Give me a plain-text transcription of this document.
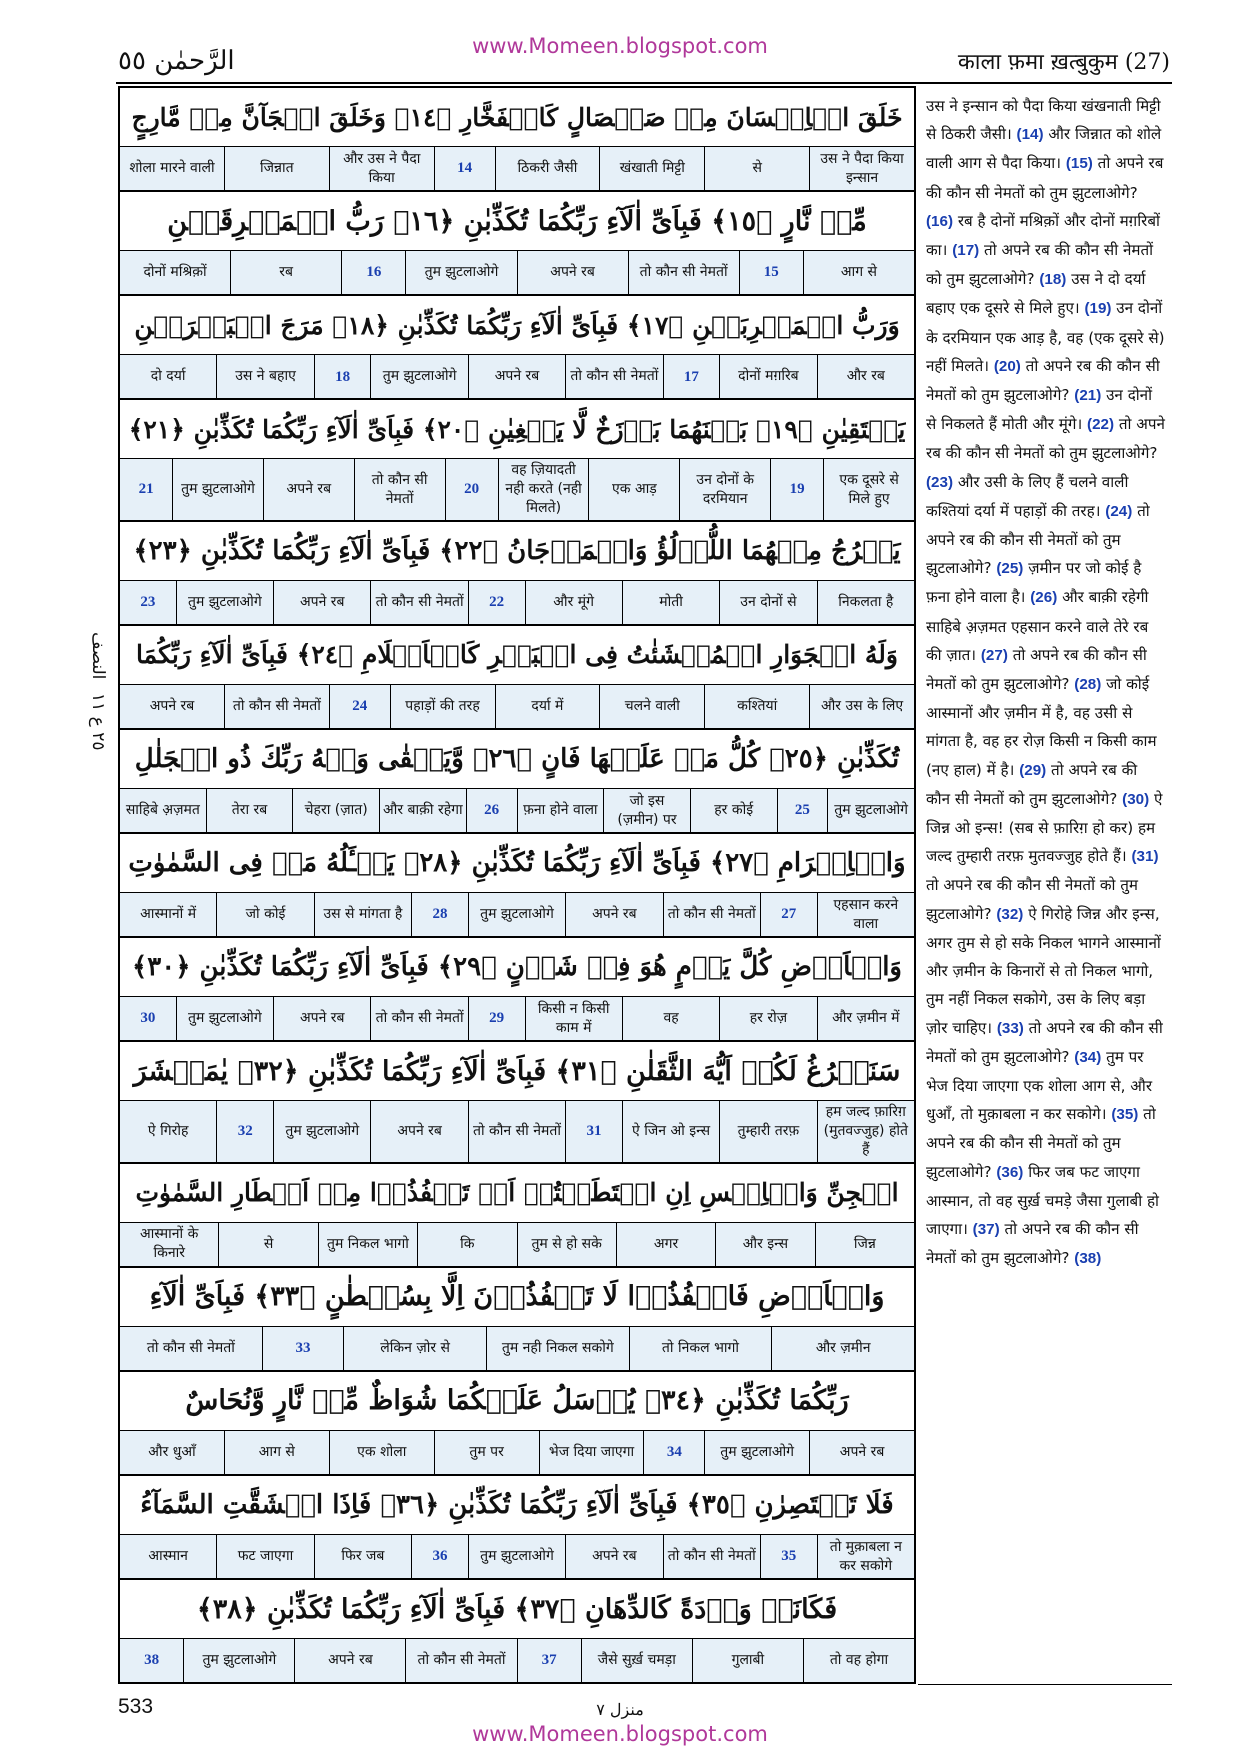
www.Momeen.blogspot.com
الرَّحمٰن ٥٥	काला फ़मा ख़त्बुकुम (27)
النصف
٢٥ ع ١١
خَلَقَ الۡاِنۡسَانَ مِنۡ صَلۡصَالٍ كَالۡفَخَّارِ ﴿١٤﴾ وَخَلَقَ الۡجَآنَّ مِنۡ مَّارِجٍ
उस ने पैदा किया इन्सान
से
खंखाती मिट्टी
ठिकरी जैसी
14
और उस ने पैदा किया
जिन्नात
शोला मारने वाली
مِّنۡ نَّارٍ ﴿١٥﴾ فَبِاَىِّ اٰلَآءِ رَبِّكُمَا تُكَذِّبٰنِ ﴿١٦﴾ رَبُّ الۡمَشۡرِقَيۡنِ
आग से
15
तो कौन सी नेमतों
अपने रब
तुम झुटलाओगे
16
रब
दोनों मश्रिक़ों
وَرَبُّ الۡمَغۡرِبَيۡنِ ﴿١٧﴾ فَبِاَىِّ اٰلَآءِ رَبِّكُمَا تُكَذِّبٰنِ ﴿١٨﴾ مَرَجَ الۡبَحۡرَيۡنِ
और रब
दोनों मग़रिब
17
तो कौन सी नेमतों
अपने रब
तुम झुटलाओगे
18
उस ने बहाए
दो दर्या
يَلۡتَقِيٰنِ ﴿١٩﴾ بَيۡنَهُمَا بَرۡزَخٌ لَّا يَبۡغِيٰنِ ﴿٢٠﴾ فَبِاَىِّ اٰلَآءِ رَبِّكُمَا تُكَذِّبٰنِ ﴿٢١﴾
एक दूसरे से मिले हुए
19
उन दोनों के दरमियान
एक आड़
वह ज़ियादती नही करते (नही मिलते)
20
तो कौन सी नेमतों
अपने रब
तुम झुटलाओगे
21
يَخۡرُجُ مِنۡهُمَا اللُّؤۡلُؤُ وَالۡمَرۡجَانُ ﴿٢٢﴾ فَبِاَىِّ اٰلَآءِ رَبِّكُمَا تُكَذِّبٰنِ ﴿٢٣﴾
निकलता है
उन दोनों से
मोती
और मूंगे
22
तो कौन सी नेमतों
अपने रब
तुम झुटलाओगे
23
وَلَهُ الۡجَوَارِ الۡمُنۡشَئٰتُ فِى الۡبَحۡرِ كَالۡاَعۡلَامِ ﴿٢٤﴾ فَبِاَىِّ اٰلَآءِ رَبِّكُمَا
और उस के लिए
कश्तियां
चलने वाली
दर्या में
पहाड़ों की तरह
24
तो कौन सी नेमतों
अपने रब
تُكَذِّبٰنِ ﴿٢٥﴾ كُلُّ مَنۡ عَلَيۡهَا فَانٍ ﴿٢٦﴾ وَّيَبۡقٰى وَجۡهُ رَبِّكَ ذُو الۡجَلٰلِ
तुम झुटलाओगे
25
हर कोई
जो इस (ज़मीन) पर
फ़ना होने वाला
26
और बाक़ी रहेगा
चेहरा (ज़ात)
तेरा रब
साहिबे अ़ज़मत
وَالۡاِكۡرَامِ ﴿٢٧﴾ فَبِاَىِّ اٰلَآءِ رَبِّكُمَا تُكَذِّبٰنِ ﴿٢٨﴾ يَسۡـَٔلُهُ مَنۡ فِى السَّمٰوٰتِ
एहसान करने वाला
27
तो कौन सी नेमतों
अपने रब
तुम झुटलाओगे
28
उस से मांगता है
जो कोई
आस्मानों में
وَالۡاَرۡضِ كُلَّ يَوۡمٍ هُوَ فِىۡ شَاۡنٍ ﴿٢٩﴾ فَبِاَىِّ اٰلَآءِ رَبِّكُمَا تُكَذِّبٰنِ ﴿٣٠﴾
और ज़मीन में
हर रोज़
वह
किसी न किसी काम में
29
तो कौन सी नेमतों
अपने रब
तुम झुटलाओगे
30
سَنَفۡرُغُ لَكُمۡ اَيُّهَ الثَّقَلٰنِ ﴿٣١﴾ فَبِاَىِّ اٰلَآءِ رَبِّكُمَا تُكَذِّبٰنِ ﴿٣٢﴾ يٰمَعۡشَرَ
हम जल्द फ़ारिग़ (मुतवज्जुह) होते हैं
तुम्हारी तरफ़
ऐ जिन ओ इन्स
31
तो कौन सी नेमतों
अपने रब
तुम झुटलाओगे
32
ऐ गिरोह
الۡجِنِّ وَالۡاِنۡسِ اِنِ اسۡتَطَعۡتُمۡ اَنۡ تَنۡفُذُوۡا مِنۡ اَقۡطَارِ السَّمٰوٰتِ
जिन्न
और इन्स
अगर
तुम से हो सके
कि
तुम निकल भागो
से
आस्मानों के किनारे
وَالۡاَرۡضِ فَانۡفُذُوۡا لَا تَنۡفُذُوۡنَ اِلَّا بِسُلۡطٰنٍ ﴿٣٣﴾ فَبِاَىِّ اٰلَآءِ
और ज़मीन
तो निकल भागो
तुम नही निकल सकोगे
लेकिन ज़ोर से
33
तो कौन सी नेमतों
رَبِّكُمَا تُكَذِّبٰنِ ﴿٣٤﴾ يُرۡسَلُ عَلَيۡكُمَا شُوَاظٌ مِّنۡ نَّارٍ وَّنُحَاسٌ
अपने रब
तुम झुटलाओगे
34
भेज दिया जाएगा
तुम पर
एक शोला
आग से
और धुआँ
فَلَا تَنۡتَصِرٰنِ ﴿٣٥﴾ فَبِاَىِّ اٰلَآءِ رَبِّكُمَا تُكَذِّبٰنِ ﴿٣٦﴾ فَاِذَا انۡشَقَّتِ السَّمَآءُ
तो मुक़ाबला न कर सकोगे
35
तो कौन सी नेमतों
अपने रब
तुम झुटलाओगे
36
फिर जब
फट जाएगा
आस्मान
فَكَانَتۡ وَرۡدَةً كَالدِّهَانِ ﴿٣٧﴾ فَبِاَىِّ اٰلَآءِ رَبِّكُمَا تُكَذِّبٰنِ ﴿٣٨﴾
तो वह होगा
गुलाबी
जैसे सुर्ख़ चमड़ा
37
तो कौन सी नेमतों
अपने रब
तुम झुटलाओगे
38
उस ने इन्सान को पैदा किया खंखनाती मिट्टी से ठिकरी जैसी। (14) और जिन्नात को शोले वाली आग से पैदा किया। (15) तो अपने रब की कौन सी नेमतों को तुम झुटलाओगे? (16) रब है दोनों मश्रिक़ों और दोनों मग़रिबों का। (17) तो अपने रब की कौन सी नेमतों को तुम झुटलाओगे? (18) उस ने दो दर्या बहाए एक दूसरे से मिले हुए। (19) उन दोनों के दरमियान एक आड़ है, वह (एक दूसरे से) नहीं मिलते। (20) तो अपने रब की कौन सी नेमतों को तुम झुटलाओगे? (21) उन दोनों से निकलते हैं मोती और मूंगे। (22) तो अपने रब की कौन सी नेमतों को तुम झुटलाओगे? (23) और उसी के लिए हैं चलने वाली कश्तियां दर्या में पहाड़ों की तरह। (24) तो अपने रब की कौन सी नेमतों को तुम झुटलाओगे? (25) ज़मीन पर जो कोई है फ़ना होने वाला है। (26) और बाक़ी रहेगी साहिबे अ़ज़मत एहसान करने वाले तेरे रब की ज़ात। (27) तो अपने रब की कौन सी नेमतों को तुम झुटलाओगे? (28) जो कोई आस्मानों और ज़मीन में है, वह उसी से मांगता है, वह हर रोज़ किसी न किसी काम (नए हाल) में है। (29) तो अपने रब की कौन सी नेमतों को तुम झुटलाओगे? (30) ऐ जिन्न ओ इन्स! (सब से फ़ारिग़ हो कर) हम जल्द तुम्हारी तरफ़ मुतवज्जुह होते हैं। (31) तो अपने रब की कौन सी नेमतों को तुम झुटलाओगे? (32) ऐ गिरोहे जिन्न और इन्स, अगर तुम से हो सके निकल भागने आस्मानों और ज़मीन के किनारों से तो निकल भागो, तुम नहीं निकल सकोगे, उस के लिए बड़ा ज़ोर चाहिए। (33) तो अपने रब की कौन सी नेमतों को तुम झुटलाओगे? (34) तुम पर भेज दिया जाएगा एक शोला आग से, और धुआँ, तो मुक़ाबला न कर सकोगे। (35) तो अपने रब की कौन सी नेमतों को तुम झुटलाओगे? (36) फिर जब फट जाएगा आस्मान, तो वह सुर्ख़ चमड़े जैसा गुलाबी हो जाएगा। (37) तो अपने रब की कौन सी नेमतों को तुम झुटलाओगे? (38)
533	منزل ٧
www.Momeen.blogspot.com
